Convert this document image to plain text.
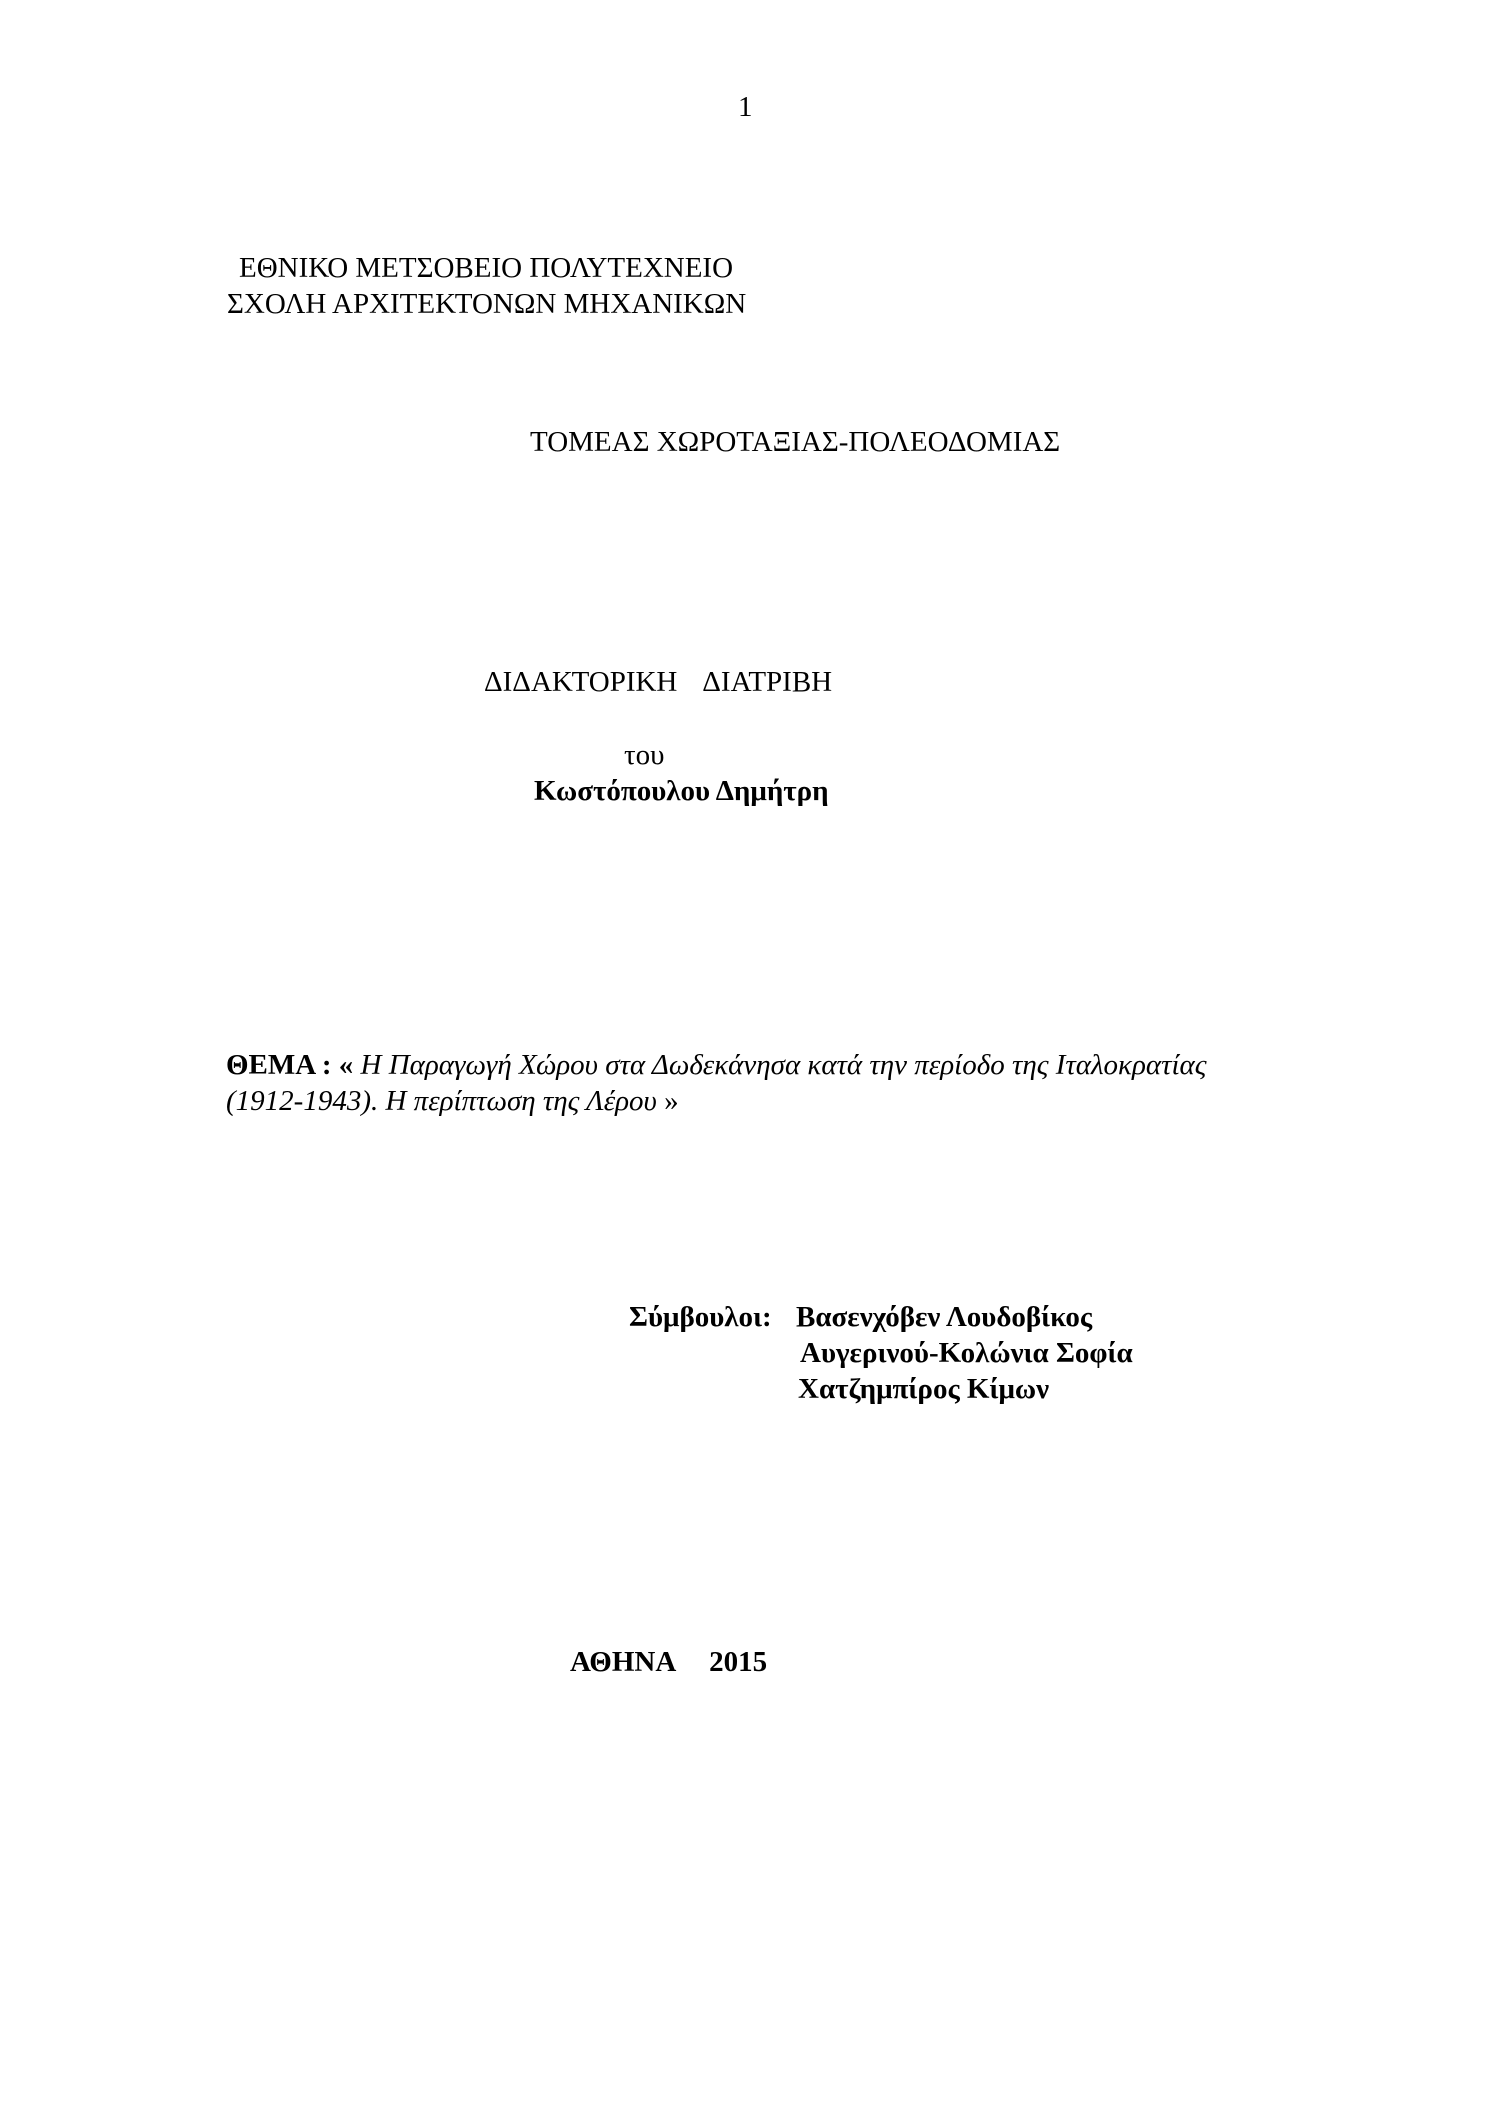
1
ΕΘΝΙΚΟ ΜΕΤΣΟΒΕΙΟ ΠΟΛΥΤΕΧΝΕΙΟ
ΣΧΟΛΗ ΑΡΧΙΤΕΚΤΟΝΩΝ ΜΗΧΑΝΙΚΩΝ
ΤΟΜΕΑΣ ΧΩΡΟΤΑΞΙΑΣ-ΠΟΛΕΟΔΟΜΙΑΣ
ΔΙΔΑΚΤΟΡΙΚΗ  ΔΙΑΤΡΙΒΗ
του
Κωστόπουλου Δημήτρη
ΘΕΜΑ : « Η Παραγωγή Χώρου στα Δωδεκάνησα κατά την περίοδο της Ιταλοκρατίας
(1912-1943). Η περίπτωση της Λέρου »
Σύμβουλοι: Βασενχόβεν Λουδοβίκος
Αυγερινού-Κολώνια Σοφία
Χατζημπίρος Κίμων
ΑΘΗΝΑ  2015
